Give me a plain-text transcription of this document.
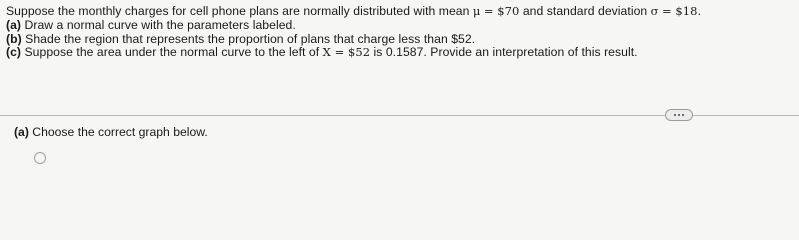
Suppose the monthly charges for cell phone plans are normally distributed with mean μ = $70 and standard deviation σ = $18.
(a) Draw a normal curve with the parameters labeled.
(b) Shade the region that represents the proportion of plans that charge less than $52.
(c) Suppose the area under the normal curve to the left of X = $52 is 0.1587. Provide an interpretation of this result.
(a) Choose the correct graph below.
